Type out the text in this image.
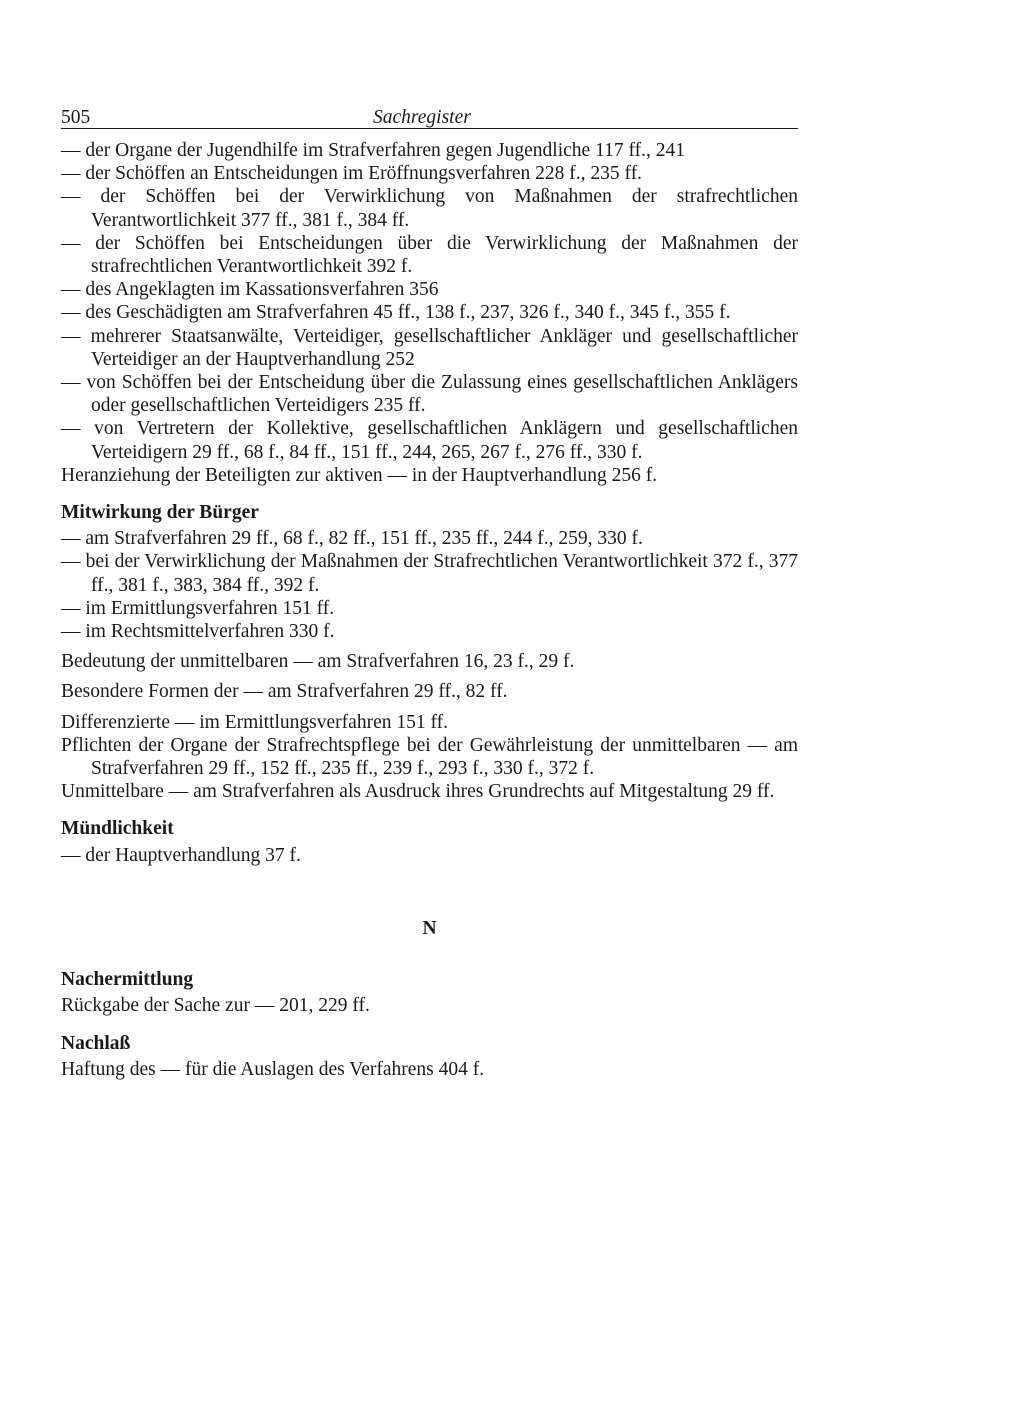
505	Sachregister

— der Organe der Jugendhilfe im Strafverfahren gegen Jugendliche 117 ff., 241

— der Schöffen an Entscheidungen im Eröffnungsverfahren 228 f., 235 ff.

— der Schöffen bei der Verwirklichung von Maßnahmen der strafrechtlichen Verantwortlichkeit 377 ff., 381 f., 384 ff.

— der Schöffen bei Entscheidungen über die Verwirklichung der Maßnahmen der strafrechtlichen Verantwortlichkeit 392 f.

— des Angeklagten im Kassationsverfahren 356

— des Geschädigten am Strafverfahren 45 ff., 138 f., 237, 326 f., 340 f., 345 f., 355 f.

— mehrerer Staatsanwälte, Verteidiger, gesellschaftlicher Ankläger und gesellschaftlicher Verteidiger an der Hauptverhandlung 252

— von Schöffen bei der Entscheidung über die Zulassung eines gesellschaftlichen Anklägers oder gesellschaftlichen Verteidigers 235 ff.

— von Vertretern der Kollektive, gesellschaftlichen Anklägern und gesellschaftlichen Verteidigern 29 ff., 68 f., 84 ff., 151 ff., 244, 265, 267 f., 276 ff., 330 f.

Heranziehung der Beteiligten zur aktiven — in der Hauptverhandlung 256 f.

Mitwirkung der Bürger

— am Strafverfahren 29 ff., 68 f., 82 ff., 151 ff., 235 ff., 244 f., 259, 330 f.

— bei der Verwirklichung der Maßnahmen der Strafrechtlichen Verantwortlichkeit 372 f., 377 ff., 381 f., 383, 384 ff., 392 f.

— im Ermittlungsverfahren 151 ff.

— im Rechtsmittelverfahren 330 f.

Bedeutung der unmittelbaren — am Strafverfahren 16, 23 f., 29 f.

Besondere Formen der — am Strafverfahren 29 ff., 82 ff.

Differenzierte — im Ermittlungsverfahren 151 ff.

Pflichten der Organe der Strafrechtspflege bei der Gewährleistung der unmittelbaren — am Strafverfahren 29 ff., 152 ff., 235 ff., 239 f., 293 f., 330 f., 372 f.

Unmittelbare — am Strafverfahren als Ausdruck ihres Grundrechts auf Mitgestaltung 29 ff.

Mündlichkeit

— der Hauptverhandlung 37 f.

N

Nachermittlung

Rückgabe der Sache zur — 201, 229 ff.

Nachlaß

Haftung des — für die Auslagen des Verfahrens 404 f.
